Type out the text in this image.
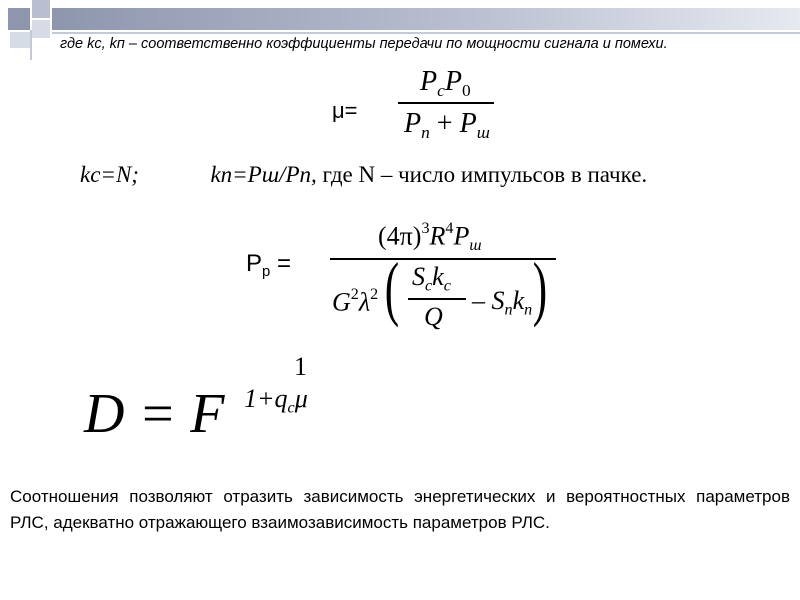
где kc, kп – соответственно коэффициенты передачи по мощности сигнала и помехи.
μ=
$P_cP_0$
$P_п + P_ш$
kc=N;	kn=Pш/Pn, где N – число импульсов в пачке.
$P_p$ =
$(4\pi)^3R^4P_ш$
$G^2\lambda^2$ ( $S_ck_c$
Q
– $S_nk_n$ )
D = F
1
$1+q_c\mu$
Соотношения позволяют отразить зависимость энергетических и вероятностных параметров РЛС, адекватно отражающего взаимозависимость параметров РЛС.
